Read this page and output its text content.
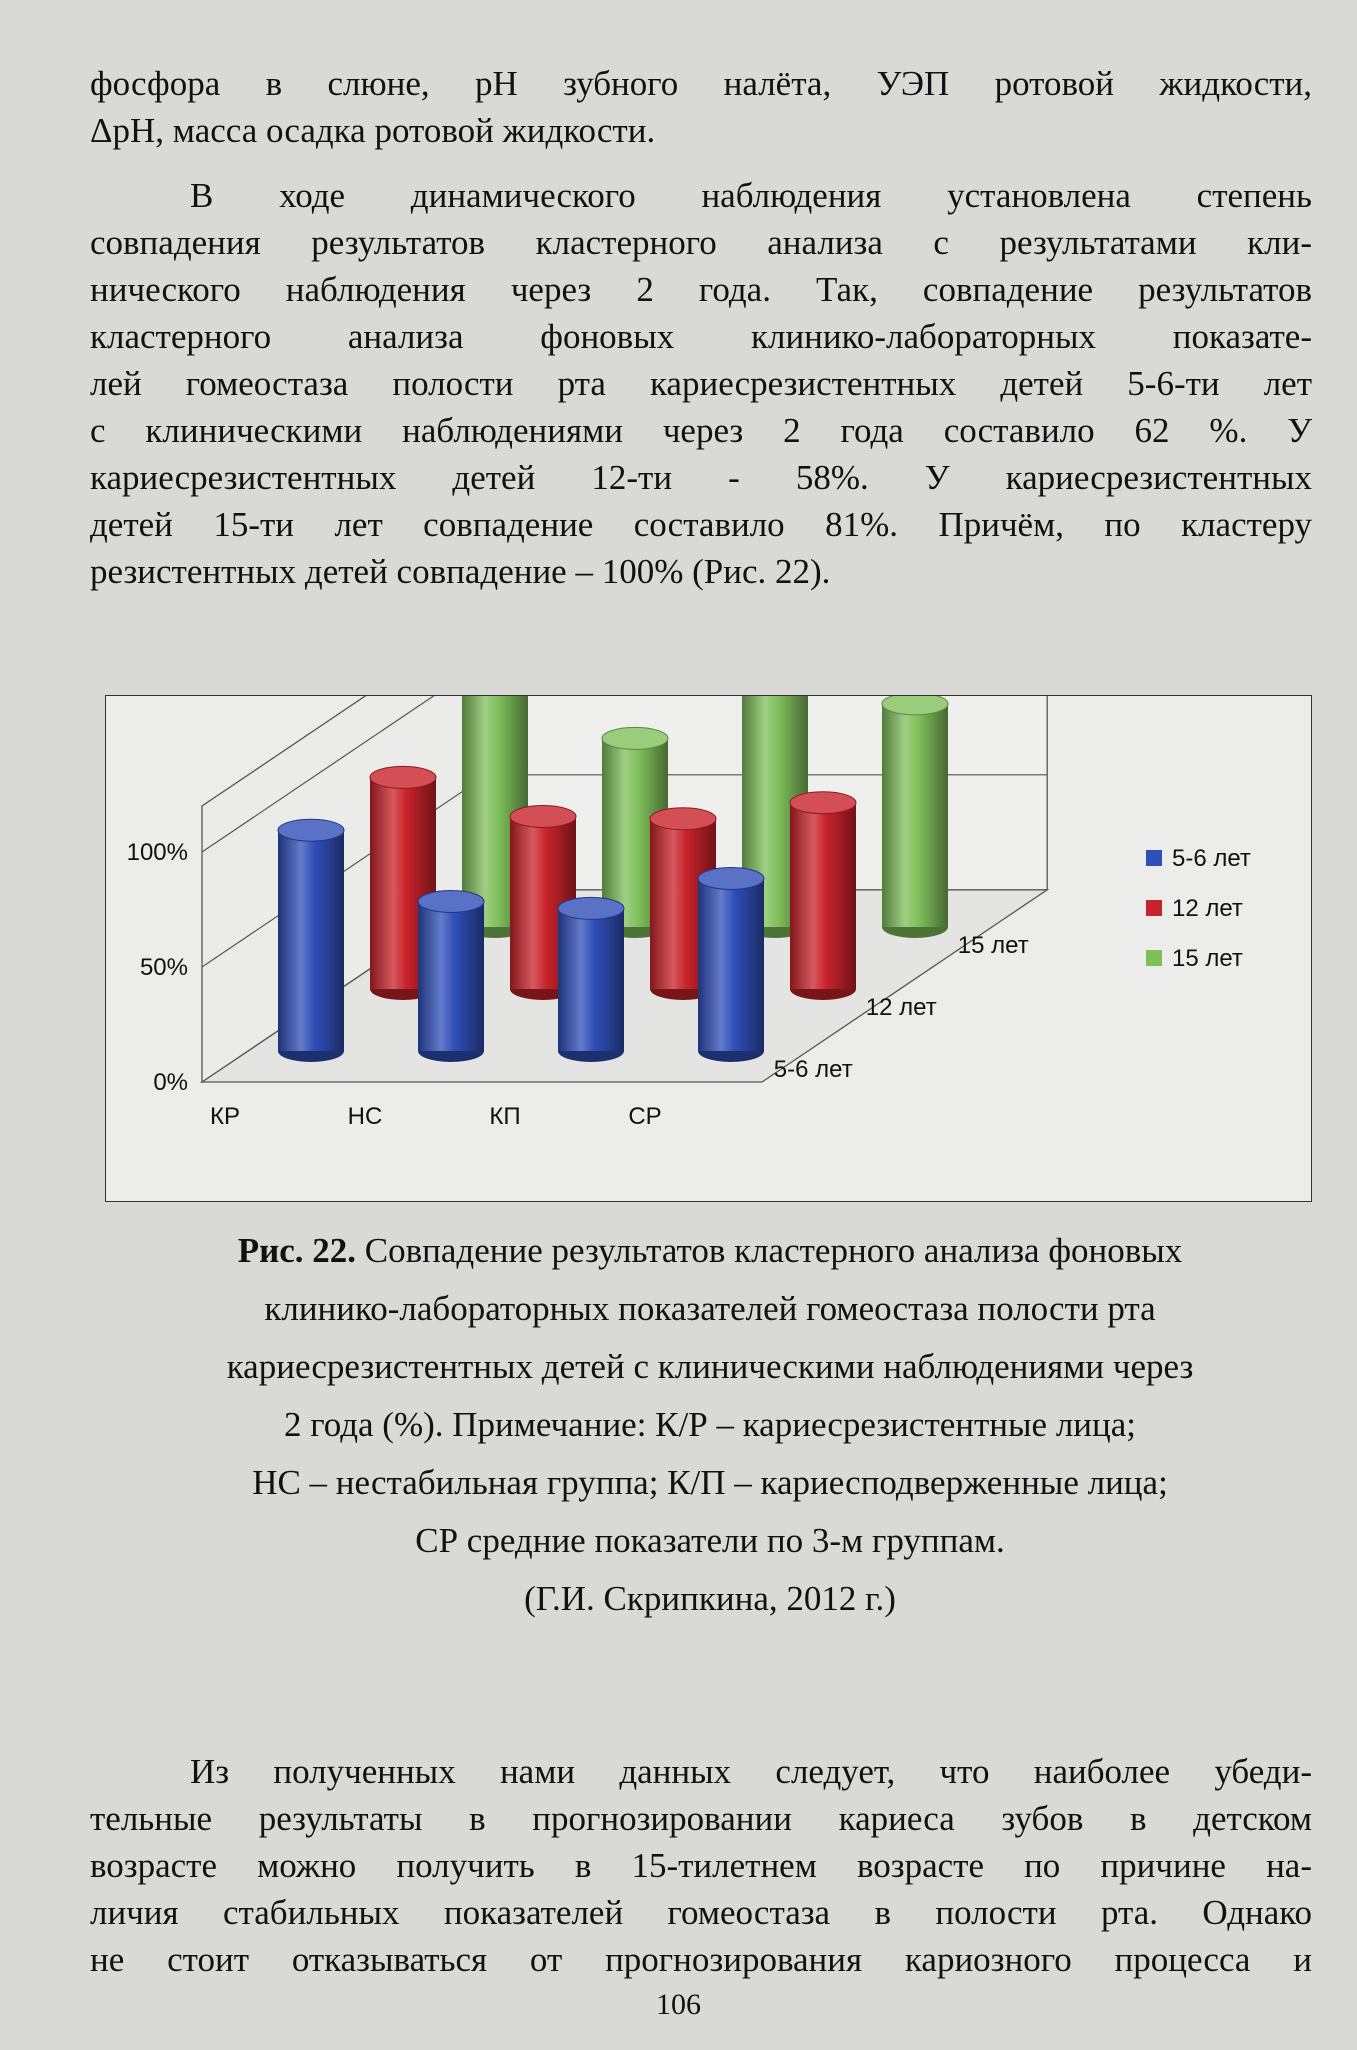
фосфора в слюне, pH зубного налёта, УЭП ротовой жидкости,
ΔpH, масса осадка ротовой жидкости.
В ходе динамического наблюдения установлена степень
совпадения результатов кластерного анализа с результатами кли-
нического наблюдения через 2 года. Так, совпадение результатов
кластерного анализа фоновых клинико-лабораторных показате-
лей гомеостаза полости рта кариесрезистентных детей 5-6-ти лет
с клиническими наблюдениями через 2 года составило 62 %. У
кариесрезистентных детей 12-ти - 58%. У кариесрезистентных
детей 15-ти лет совпадение составило 81%. Причём, по кластеру
резистентных детей совпадение – 100% (Рис. 22).
0%
50%
100%
КР	НС	КП	СР
15 лет
12 лет
5-6 лет
5-6 лет
12 лет
15 лет
Рис. 22. Совпадение результатов кластерного анализа фоновых
клинико-лабораторных показателей гомеостаза полости рта
кариесрезистентных детей с клиническими наблюдениями через
2 года (%). Примечание: К/Р – кариесрезистентные лица;
НС – нестабильная группа; К/П – кариесподверженные лица;
СР средние показатели по 3-м группам.
(Г.И. Скрипкина, 2012 г.)
Из полученных нами данных следует, что наиболее убеди-
тельные результаты в прогнозировании кариеса зубов в детском
возрасте можно получить в 15-тилетнем возрасте по причине на-
личия стабильных показателей гомеостаза в полости рта. Однако
не стоит отказываться от прогнозирования кариозного процесса и
106
